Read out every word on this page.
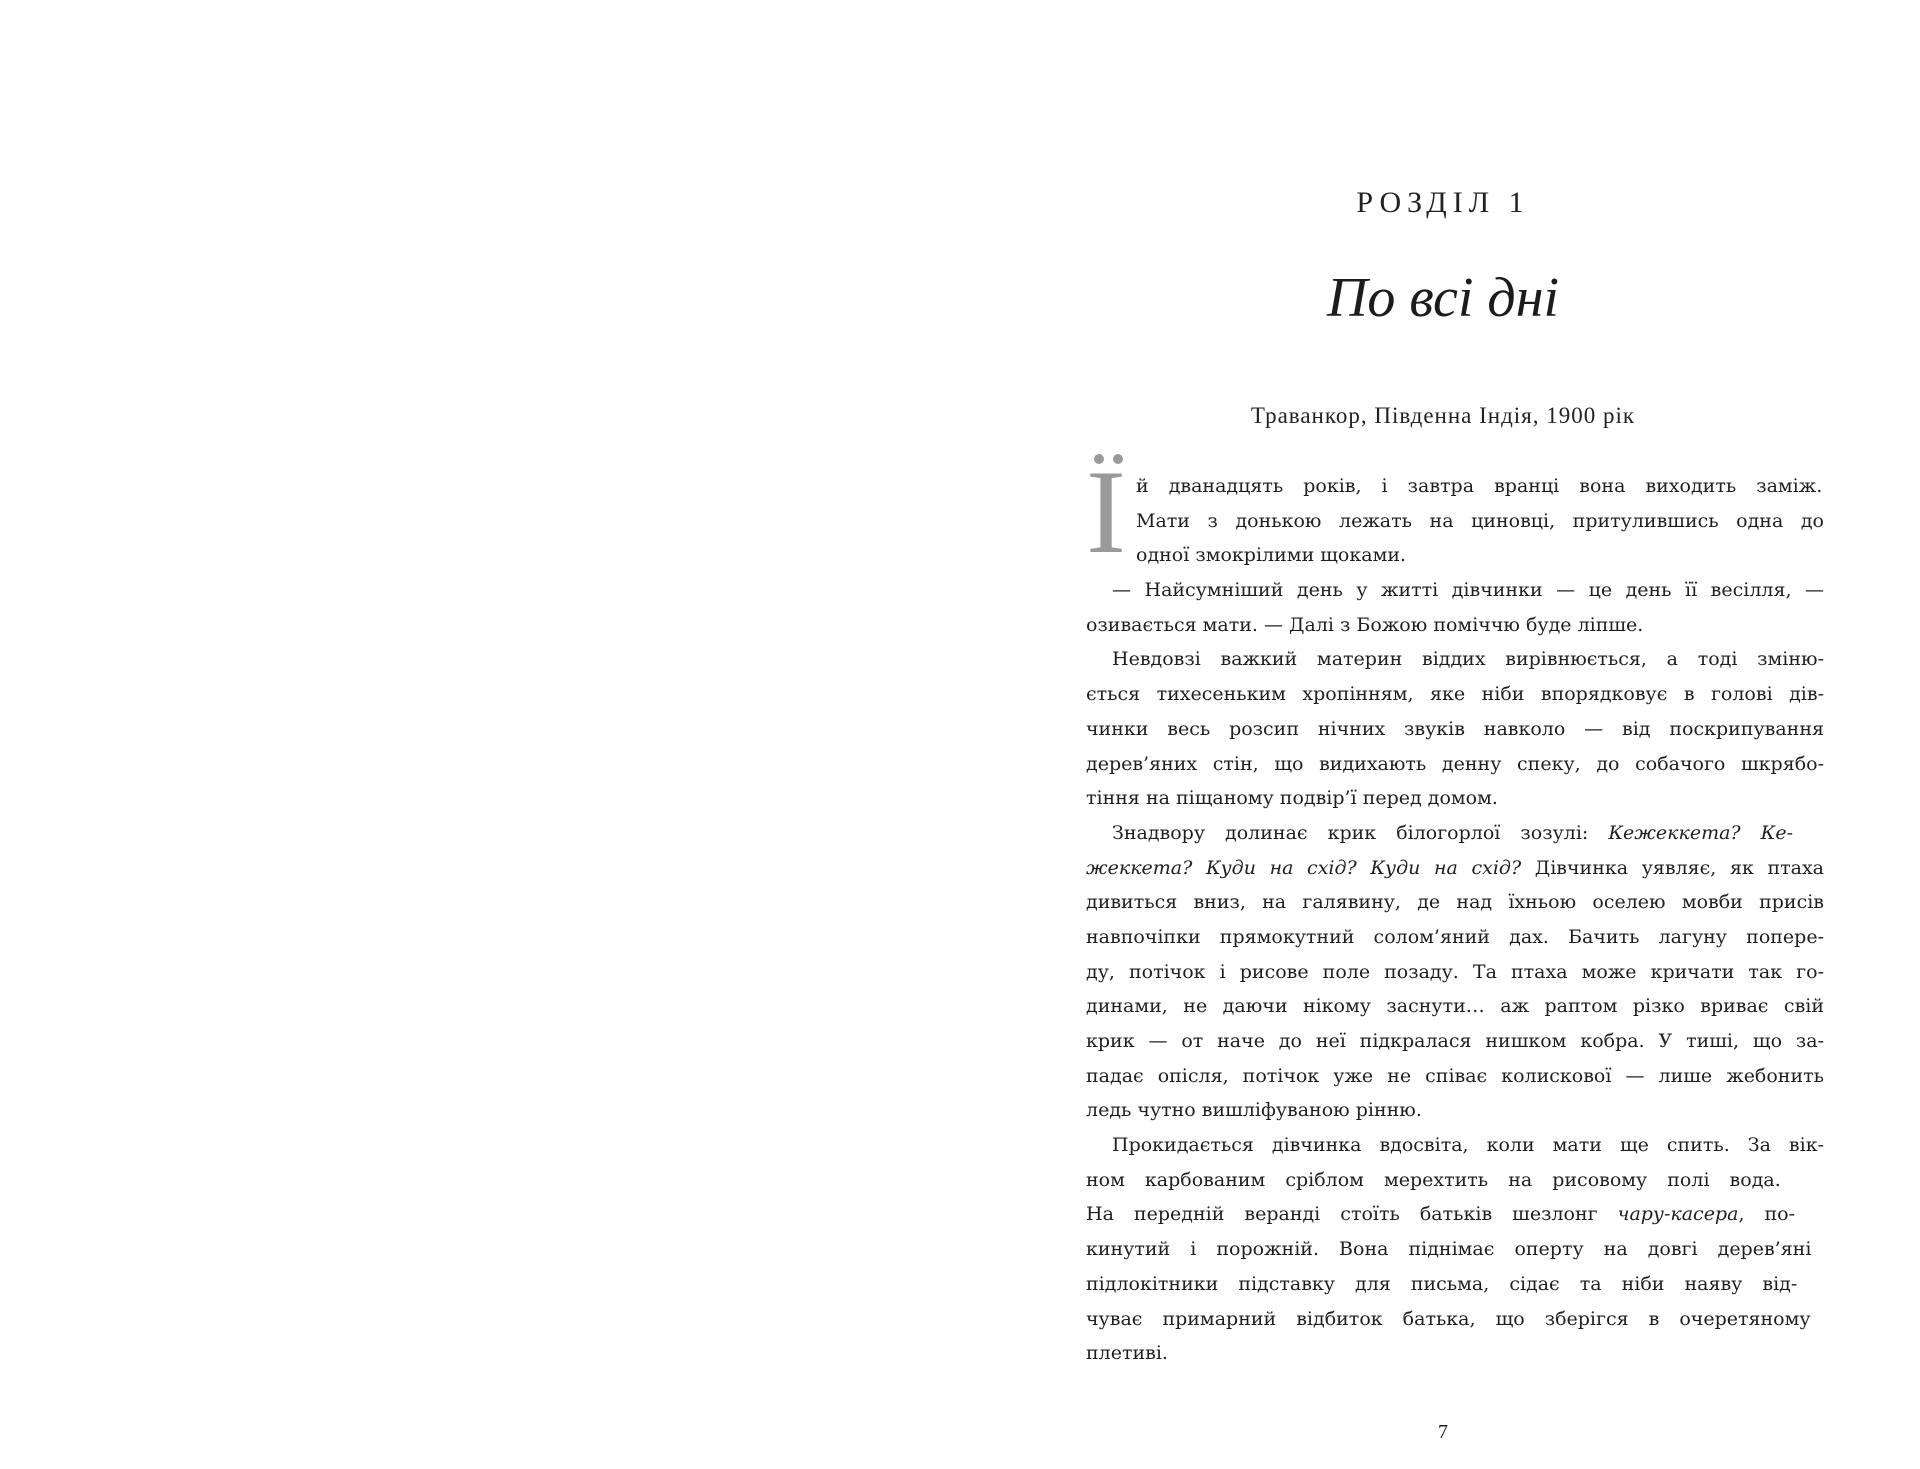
РОЗДІЛ 1
По всі дні
Траванкор, Південна Індія, 1900 рік
І й дванадцять років, і завтра вранці вона виходить заміж.
Мати з донькою лежать на циновці, притулившись одна до
одної змокрілими щоками.
— Найсумніший день у житті дівчинки — це день її весілля, —
озивається мати. — Далі з Божою поміччю буде ліпше.
Невдовзі важкий материн віддих вирівнюється, а тоді зміню-
ється тихесеньким хропінням, яке ніби впорядковує в голові дів-
чинки весь розсип нічних звуків навколо — від поскрипування
дерев’яних стін, що видихають денну спеку, до собачого шкрябо-
тіння на піщаному подвір’ї перед домом.
Знадвору долинає крик білогорлої зозулі: Кежеккета? Ке-
жеккета? Куди на схід? Куди на схід? Дівчинка уявляє, як птаха
дивиться вниз, на галявину, де над їхньою оселею мовби присів
навпочіпки прямокутний солом’яний дах. Бачить лагуну попере-
ду, потічок і рисове поле позаду. Та птаха може кричати так го-
динами, не даючи нікому заснути… аж раптом різко вриває свій
крик — от наче до неї підкралася нишком кобра. У тиші, що за-
падає опісля, потічок уже не співає колискової — лише жебонить
ледь чутно вишліфуваною рінню.
Прокидається дівчинка вдосвіта, коли мати ще спить. За вік-
ном карбованим сріблом мерехтить на рисовому полі вода.
На передній веранді стоїть батьків шезлонг чару-касера, по-
кинутий і порожній. Вона піднімає оперту на довгі дерев’яні
підлокітники підставку для письма, сідає та ніби наяву від-
чуває примарний відбиток батька, що зберігся в очеретяному
плетиві.
7
